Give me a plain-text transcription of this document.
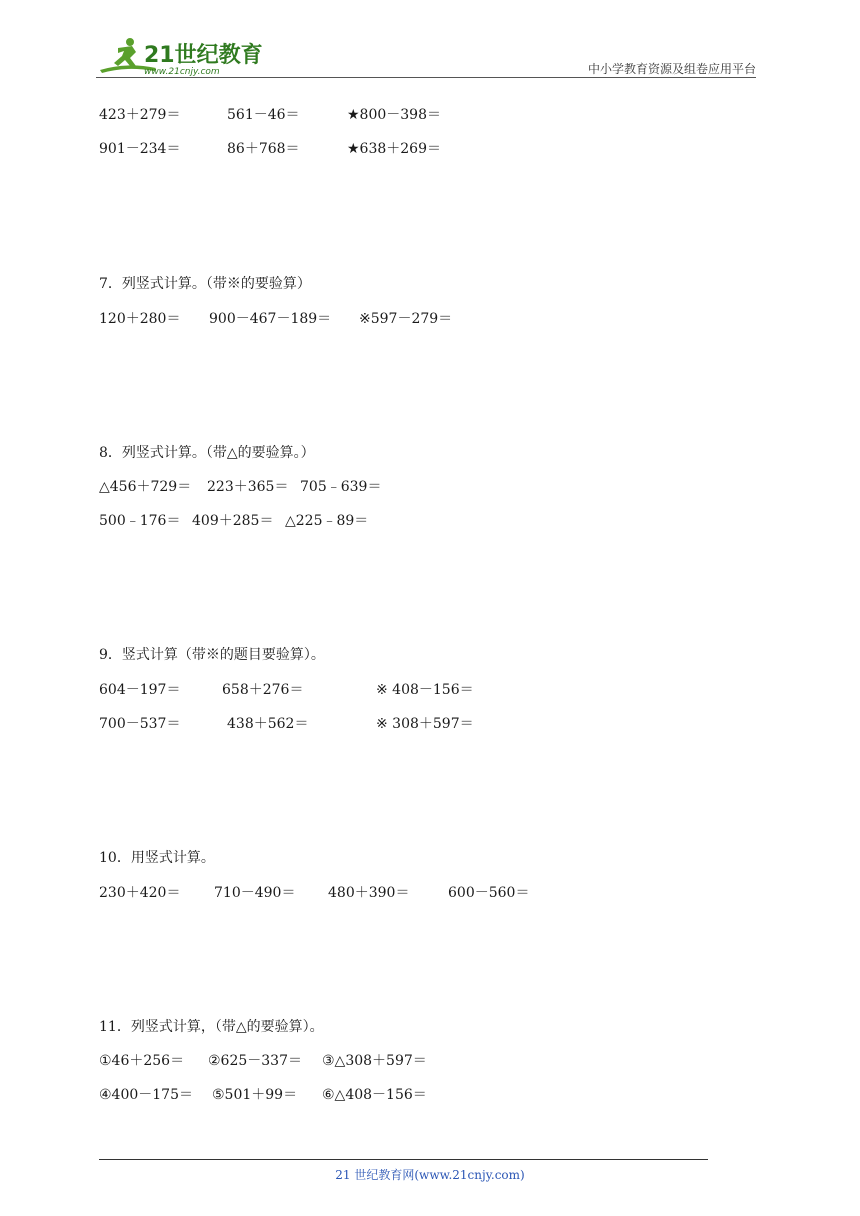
21世纪教育
www.21cnjy.com	中小学教育资源及组卷应用平台
423＋279＝	561－46＝	★800－398＝
901－234＝	86＋768＝	★638＋269＝
7．列竖式计算。（带※的要验算）
120＋280＝ 900－467－189＝ ※597－279＝
8．列竖式计算。（带△的要验算。）
△456＋729＝ 223＋365＝ 705﹣639＝
500﹣176＝ 409＋285＝ △225﹣89＝
9．竖式计算（带※的题目要验算）。
604－197＝	658＋276＝	※ 408－156＝
700－537＝	438＋562＝	※ 308＋597＝
10．用竖式计算。
230＋420＝ 710－490＝ 480＋390＝	600－560＝
11．列竖式计算，（带△的要验算）。
①46＋256＝ ②625－337＝ ③△308＋597＝
④400－175＝ ⑤501＋99＝ ⑥△408－156＝
21 世纪教育网(www.21cnjy.com)
